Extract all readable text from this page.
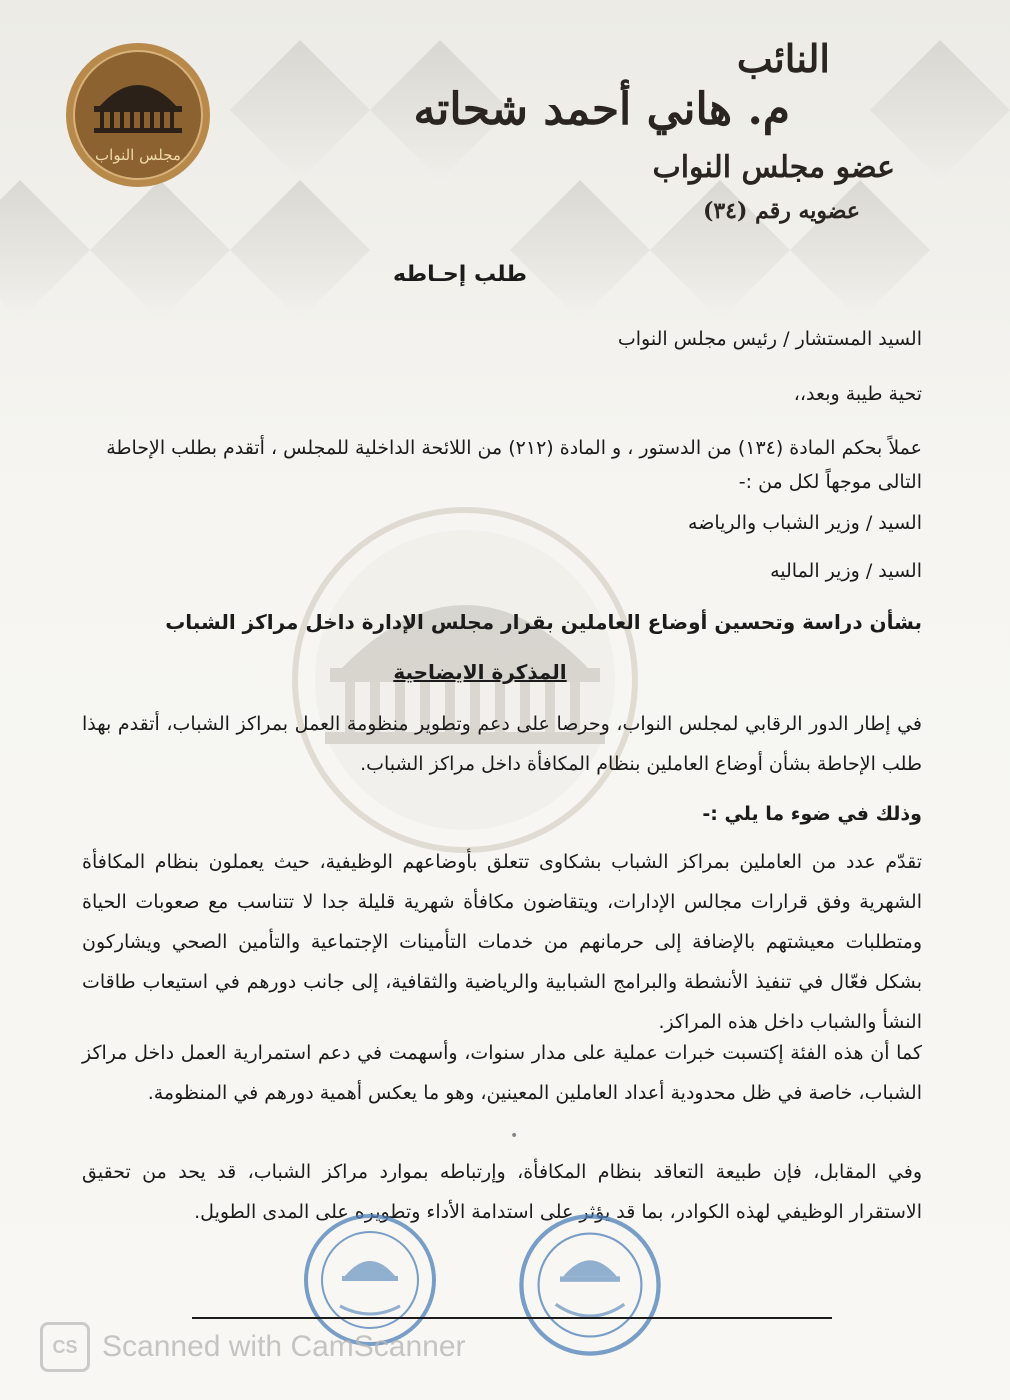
مجلس النواب
النائب
م. هاني أحمد شحاته
عضو مجلس النواب
عضويه رقم (٣٤)
طلب إحـاطه
السيد المستشار / رئيس مجلس النواب
تحية طيبة وبعد،،
عملاً بحكم المادة (١٣٤) من الدستور ، و المادة (٢١٢) من اللائحة الداخلية للمجلس ، أتقدم بطلب الإحاطة
التالى موجهاً لكل من :-
السيد / وزير الشباب والرياضه
السيد / وزير الماليه
بشأن دراسة وتحسين أوضاع العاملين بقرار مجلس الإدارة داخل مراكز الشباب
المذكرة الايضاحية
في إطار الدور الرقابي لمجلس النواب، وحرصا على دعم وتطوير منظومة العمل بمراكز الشباب، أتقدم بهذا طلب الإحاطة بشأن أوضاع العاملين بنظام المكافأة داخل مراكز الشباب.
وذلك في ضوء ما يلي :-
تقدّم عدد من العاملين بمراكز الشباب بشكاوى تتعلق بأوضاعهم الوظيفية، حيث يعملون بنظام المكافأة الشهرية وفق قرارات مجالس الإدارات، ويتقاضون مكافأة شهرية قليلة جدا لا تتناسب مع صعوبات الحياة ومتطلبات معيشتهم بالإضافة إلى حرمانهم من خدمات التأمينات الإجتماعية والتأمين الصحي ويشاركون بشكل فعّال في تنفيذ الأنشطة والبرامج الشبابية والرياضية والثقافية، إلى جانب دورهم في استيعاب طاقات النشأ والشباب داخل هذه المراكز.
كما أن هذه الفئة إكتسبت خبرات عملية على مدار سنوات، وأسهمت في دعم استمرارية العمل داخل مراكز الشباب، خاصة في ظل محدودية أعداد العاملين المعينين، وهو ما يعكس أهمية دورهم في المنظومة.
وفي المقابل، فإن طبيعة التعاقد بنظام المكافأة، وإرتباطه بموارد مراكز الشباب، قد يحد من تحقيق الاستقرار الوظيفي لهذه الكوادر، بما قد يؤثر على استدامة الأداء وتطويره على المدى الطويل.
•
CS Scanned with CamScanner
